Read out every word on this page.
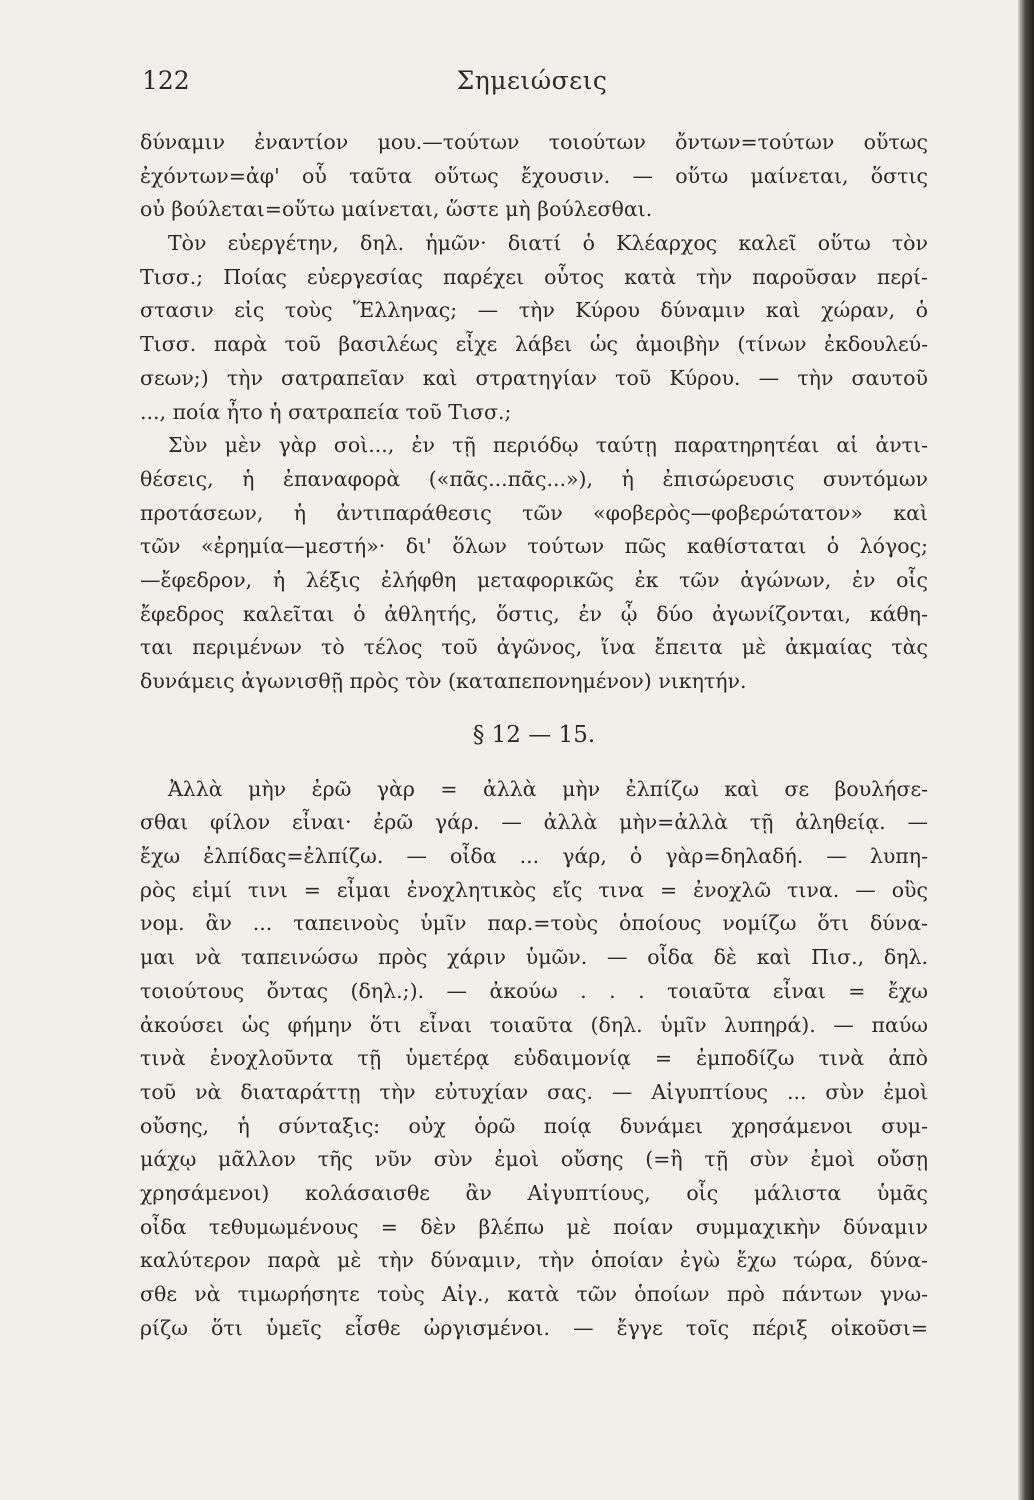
122	Σημειώσεις
δύναμιν ἐναντίον μου.—τούτων τοιούτων ὄντων=τούτων οὕτως
ἐχόντων=ἀφ' οὗ ταῦτα οὕτως ἔχουσιν. — οὕτω μαίνεται, ὅστις
οὐ βούλεται=οὕτω μαίνεται, ὥστε μὴ βούλεσθαι.
Τὸν εὐεργέτην, δηλ. ἡμῶν· διατί ὁ Κλέαρχος καλεῖ οὕτω τὸν
Τισσ.; Ποίας εὐεργεσίας παρέχει οὗτος κατὰ τὴν παροῦσαν περί-
στασιν εἰς τοὺς Ἕλληνας; — τὴν Κύρου δύναμιν καὶ χώραν, ὁ
Τισσ. παρὰ τοῦ βασιλέως εἶχε λάβει ὡς ἀμοιβὴν (τίνων ἐκδουλεύ-
σεων;) τὴν σατραπεῖαν καὶ στρατηγίαν τοῦ Κύρου. — τὴν σαυτοῦ
..., ποία ἦτο ἡ σατραπεία τοῦ Τισσ.;
Σὺν μὲν γὰρ σοὶ..., ἐν τῇ περιόδῳ ταύτῃ παρατηρητέαι αἱ ἀντι-
θέσεις, ἡ ἐπαναφορὰ («πᾶς...πᾶς...»), ἡ ἐπισώρευσις συντόμων
προτάσεων, ἡ ἀντιπαράθεσις τῶν «φοβερὸς—φοβερώτατον» καὶ
τῶν «ἐρημία—μεστή»· δι' ὅλων τούτων πῶς καθίσταται ὁ λόγος;
—ἔφεδρον, ἡ λέξις ἐλήφθη μεταφορικῶς ἐκ τῶν ἀγώνων, ἐν οἷς
ἔφεδρος καλεῖται ὁ ἀθλητής, ὅστις, ἐν ᾧ δύο ἀγωνίζονται, κάθη-
ται περιμένων τὸ τέλος τοῦ ἀγῶνος, ἵνα ἔπειτα μὲ ἀκμαίας τὰς
δυνάμεις ἀγωνισθῇ πρὸς τὸν (καταπεπονημένον) νικητήν.
§ 12 — 15.
Ἀλλὰ μὴν ἐρῶ γὰρ = ἀλλὰ μὴν ἐλπίζω καὶ σε βουλήσε-
σθαι φίλον εἶναι· ἐρῶ γάρ. — ἀλλὰ μὴν=ἀλλὰ τῇ ἀληθείᾳ. —
ἔχω ἐλπίδας=ἐλπίζω. — οἶδα ... γάρ, ὁ γὰρ=δηλαδή. — λυπη-
ρὸς εἰμί τινι = εἶμαι ἐνοχλητικὸς εἴς τινα = ἐνοχλῶ τινα. — οὓς
νομ. ἂν ... ταπεινοὺς ὑμῖν παρ.=τοὺς ὁποίους νομίζω ὅτι δύνα-
μαι νὰ ταπεινώσω πρὸς χάριν ὑμῶν. — οἶδα δὲ καὶ Πισ., δηλ.
τοιούτους ὄντας (δηλ.;). — ἀκούω . . . τοιαῦτα εἶναι = ἔχω
ἀκούσει ὡς φήμην ὅτι εἶναι τοιαῦτα (δηλ. ὑμῖν λυπηρά). — παύω
τινὰ ἐνοχλοῦντα τῇ ὑμετέρᾳ εὐδαιμονίᾳ = ἐμποδίζω τινὰ ἀπὸ
τοῦ νὰ διαταράττῃ τὴν εὐτυχίαν σας. — Αἰγυπτίους ... σὺν ἐμοὶ
οὔσης, ἡ σύνταξις: οὐχ ὁρῶ ποίᾳ δυνάμει χρησάμενοι συμ-
μάχῳ μᾶλλον τῆς νῦν σὺν ἐμοὶ οὔσης (=ἢ τῇ σὺν ἐμοὶ οὔσῃ
χρησάμενοι) κολάσαισθε ἂν Αἰγυπτίους, οἷς μάλιστα ὑμᾶς
οἶδα τεθυμωμένους = δὲν βλέπω μὲ ποίαν συμμαχικὴν δύναμιν
καλύτερον παρὰ μὲ τὴν δύναμιν, τὴν ὁποίαν ἐγὼ ἔχω τώρα, δύνα-
σθε νὰ τιμωρήσητε τοὺς Αἰγ., κατὰ τῶν ὁποίων πρὸ πάντων γνω-
ρίζω ὅτι ὑμεῖς εἶσθε ὠργισμένοι. — ἔγγε τοῖς πέριξ οἰκοῦσι=
